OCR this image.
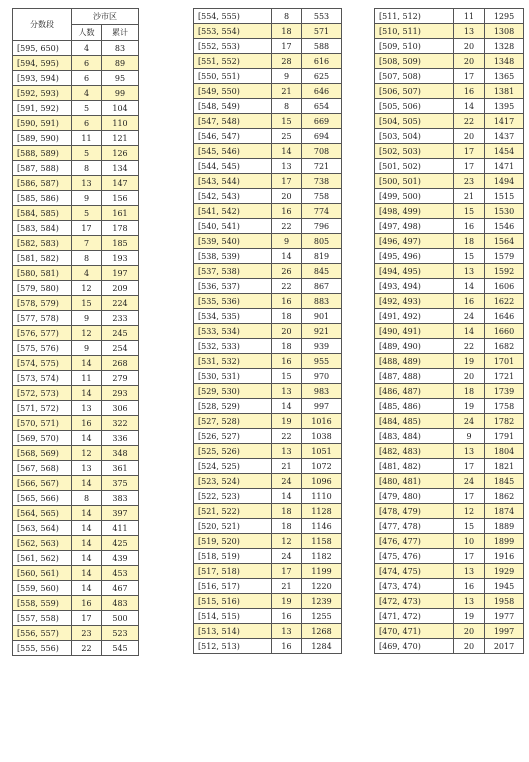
分数段	沙市区	
	人数	累计
[595, 650)	4	83
[594, 595)	6	89
[593, 594)	6	95
[592, 593)	4	99
[591, 592)	5	104
[590, 591)	6	110
[589, 590)	11	121
[588, 589)	5	126
[587, 588)	8	134
[586, 587)	13	147
[585, 586)	9	156
[584, 585)	5	161
[583, 584)	17	178
[582, 583)	7	185
[581, 582)	8	193
[580, 581)	4	197
[579, 580)	12	209
[578, 579)	15	224
[577, 578)	9	233
[576, 577)	12	245
[575, 576)	9	254
[574, 575)	14	268
[573, 574)	11	279
[572, 573)	14	293
[571, 572)	13	306
[570, 571)	16	322
[569, 570)	14	336
[568, 569)	12	348
[567, 568)	13	361
[566, 567)	14	375
[565, 566)	8	383
[564, 565)	14	397
[563, 564)	14	411
[562, 563)	14	425
[561, 562)	14	439
[560, 561)	14	453
[559, 560)	14	467
[558, 559)	16	483
[557, 558)	17	500
[556, 557)	23	523
[555, 556)	22	545
[554, 555)	8	553
[553, 554)	18	571
[552, 553)	17	588
[551, 552)	28	616
[550, 551)	9	625
[549, 550)	21	646
[548, 549)	8	654
[547, 548)	15	669
[546, 547)	25	694
[545, 546)	14	708
[544, 545)	13	721
[543, 544)	17	738
[542, 543)	20	758
[541, 542)	16	774
[540, 541)	22	796
[539, 540)	9	805
[538, 539)	14	819
[537, 538)	26	845
[536, 537)	22	867
[535, 536)	16	883
[534, 535)	18	901
[533, 534)	20	921
[532, 533)	18	939
[531, 532)	16	955
[530, 531)	15	970
[529, 530)	13	983
[528, 529)	14	997
[527, 528)	19	1016
[526, 527)	22	1038
[525, 526)	13	1051
[524, 525)	21	1072
[523, 524)	24	1096
[522, 523)	14	1110
[521, 522)	18	1128
[520, 521)	18	1146
[519, 520)	12	1158
[518, 519)	24	1182
[517, 518)	17	1199
[516, 517)	21	1220
[515, 516)	19	1239
[514, 515)	16	1255
[513, 514)	13	1268
[512, 513)	16	1284
[511, 512)	11	1295
[510, 511)	13	1308
[509, 510)	20	1328
[508, 509)	20	1348
[507, 508)	17	1365
[506, 507)	16	1381
[505, 506)	14	1395
[504, 505)	22	1417
[503, 504)	20	1437
[502, 503)	17	1454
[501, 502)	17	1471
[500, 501)	23	1494
[499, 500)	21	1515
[498, 499)	15	1530
[497, 498)	16	1546
[496, 497)	18	1564
[495, 496)	15	1579
[494, 495)	13	1592
[493, 494)	14	1606
[492, 493)	16	1622
[491, 492)	24	1646
[490, 491)	14	1660
[489, 490)	22	1682
[488, 489)	19	1701
[487, 488)	20	1721
[486, 487)	18	1739
[485, 486)	19	1758
[484, 485)	24	1782
[483, 484)	9	1791
[482, 483)	13	1804
[481, 482)	17	1821
[480, 481)	24	1845
[479, 480)	17	1862
[478, 479)	12	1874
[477, 478)	15	1889
[476, 477)	10	1899
[475, 476)	17	1916
[474, 475)	13	1929
[473, 474)	16	1945
[472, 473)	13	1958
[471, 472)	19	1977
[470, 471)	20	1997
[469, 470)	20	2017
